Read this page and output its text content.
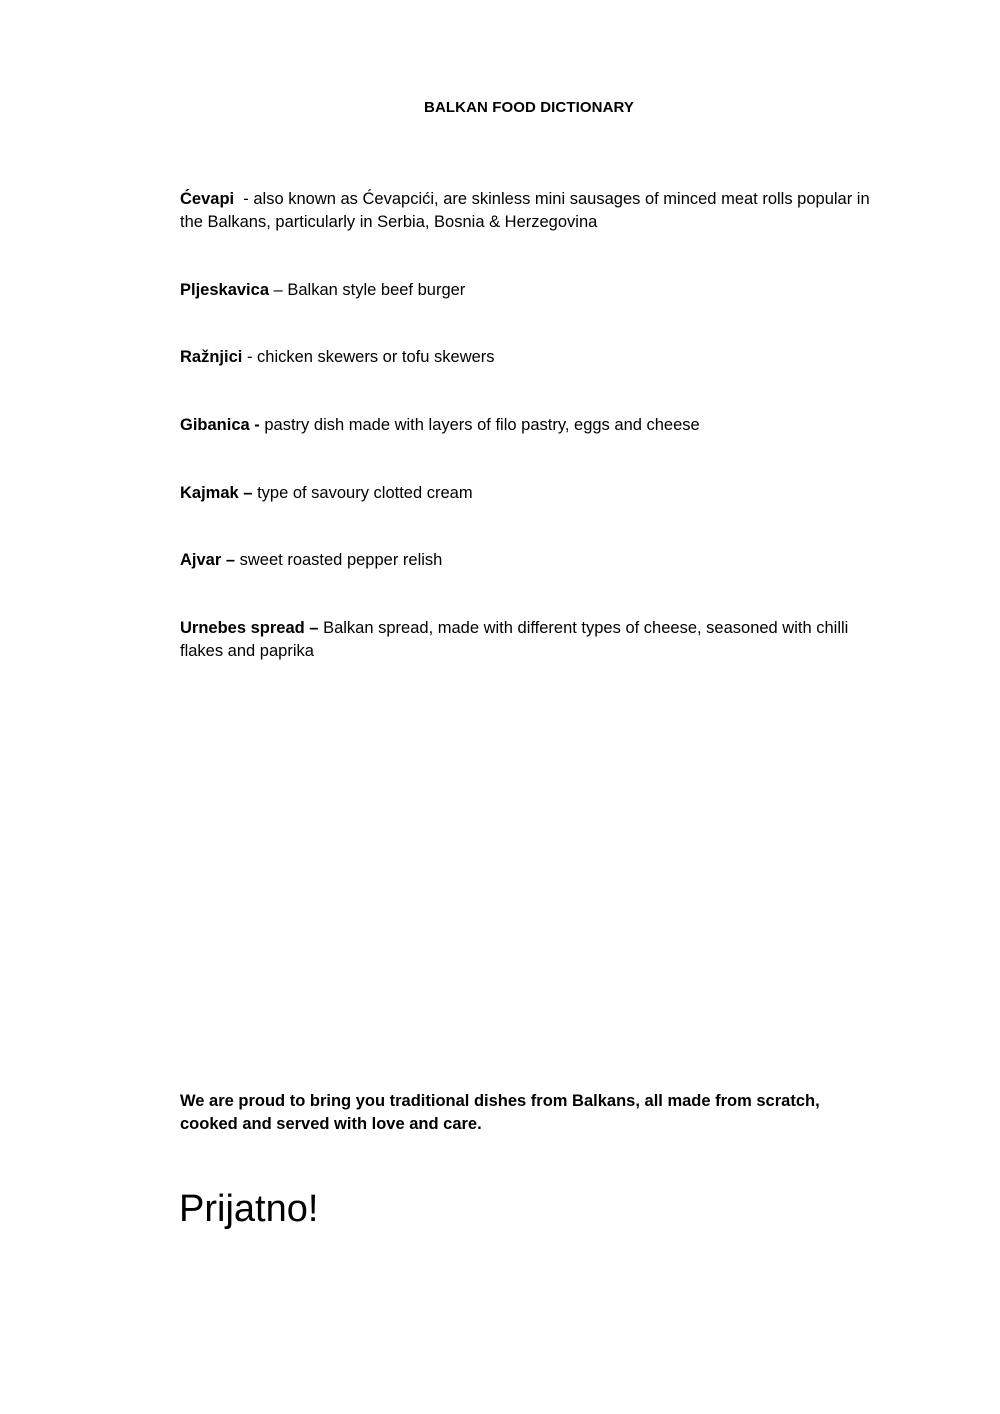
BALKAN FOOD DICTIONARY
Ćevapi  - also known as Ćevapcići, are skinless mini sausages of minced meat rolls popular in the Balkans, particularly in Serbia, Bosnia & Herzegovina
Pljeskavica – Balkan style beef burger
Ražnjici - chicken skewers or tofu skewers
Gibanica - pastry dish made with layers of filo pastry, eggs and cheese
Kajmak – type of savoury clotted cream
Ajvar – sweet roasted pepper relish
Urnebes spread – Balkan spread, made with different types of cheese, seasoned with chilli flakes and paprika
We are proud to bring you traditional dishes from Balkans, all made from scratch, cooked and served with love and care.
Prijatno!
